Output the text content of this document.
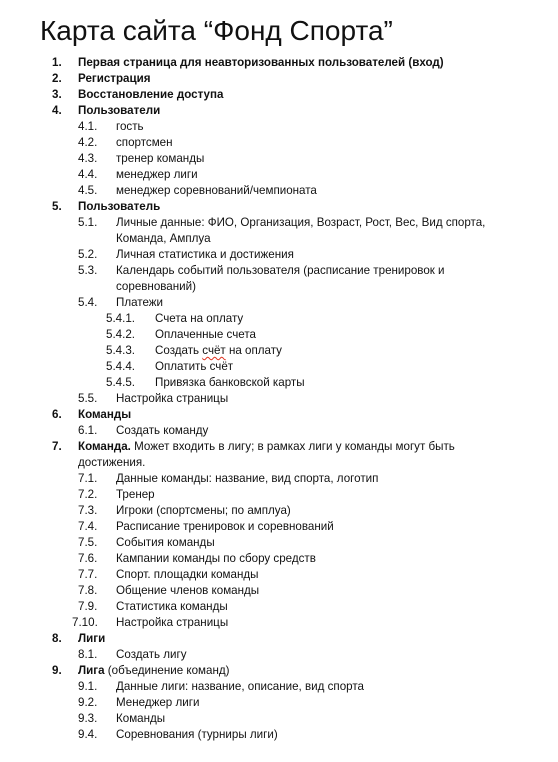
Карта сайта “Фонд Спорта”
1. Первая страница для неавторизованных пользователей (вход)
2. Регистрация
3. Восстановление доступа
4. Пользователи
4.1. гость
4.2. спортсмен
4.3. тренер команды
4.4. менеджер лиги
4.5. менеджер соревнований/чемпионата
5. Пользователь
5.1. Личные данные: ФИО, Организация, Возраст, Рост, Вес, Вид спорта, Команда, Амплуа
5.2. Личная статистика и достижения
5.3. Календарь событий пользователя (расписание тренировок и соревнований)
5.4. Платежи
5.4.1. Счета на оплату
5.4.2. Оплаченные счета
5.4.3. Создать счёт на оплату
5.4.4. Оплатить счёт
5.4.5. Привязка банковской карты
5.5. Настройка страницы
6. Команды
6.1. Создать команду
7. Команда. Может входить в лигу; в рамках лиги у команды могут быть достижения.
7.1. Данные команды: название, вид спорта, логотип
7.2. Тренер
7.3. Игроки (спортсмены; по амплуа)
7.4. Расписание тренировок и соревнований
7.5. События команды
7.6. Кампании команды по сбору средств
7.7. Спорт. площадки команды
7.8. Общение членов команды
7.9. Статистика команды
7.10. Настройка страницы
8. Лиги
8.1. Создать лигу
9. Лига (объединение команд)
9.1. Данные лиги: название, описание, вид спорта
9.2. Менеджер лиги
9.3. Команды
9.4. Соревнования (турниры лиги)
